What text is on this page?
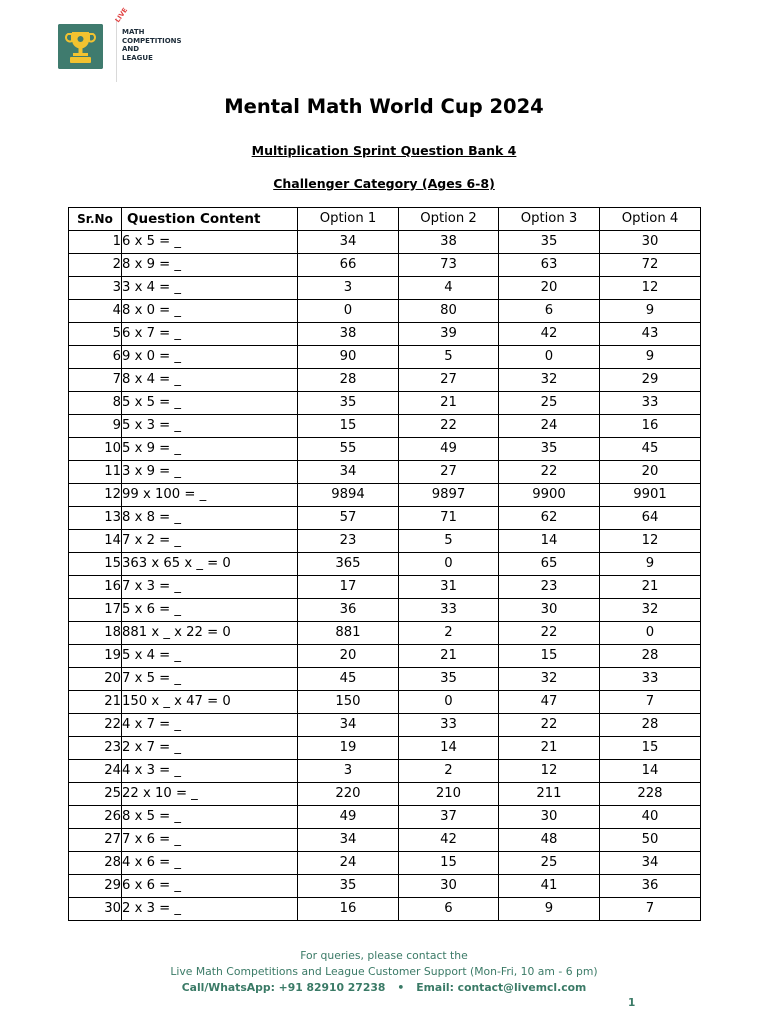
LIVE
MATH
COMPETITIONS
AND
LEAGUE
Mental Math World Cup 2024
Multiplication Sprint Question Bank 4
Challenger Category (Ages 6-8)
Sr.No	Question Content	Option 1	Option 2	Option 3	Option 4
1	6 x 5 = _	34	38	35	30
2	8 x 9 = _	66	73	63	72
3	3 x 4 = _	3	4	20	12
4	8 x 0 = _	0	80	6	9
5	6 x 7 = _	38	39	42	43
6	9 x 0 = _	90	5	0	9
7	8 x 4 = _	28	27	32	29
8	5 x 5 = _	35	21	25	33
9	5 x 3 = _	15	22	24	16
10	5 x 9 = _	55	49	35	45
11	3 x 9 = _	34	27	22	20
12	99 x 100 = _	9894	9897	9900	9901
13	8 x 8 = _	57	71	62	64
14	7 x 2 = _	23	5	14	12
15	363 x 65 x _ = 0	365	0	65	9
16	7 x 3 = _	17	31	23	21
17	5 x 6 = _	36	33	30	32
18	881 x _ x 22 = 0	881	2	22	0
19	5 x 4 = _	20	21	15	28
20	7 x 5 = _	45	35	32	33
21	150 x _ x 47 = 0	150	0	47	7
22	4 x 7 = _	34	33	22	28
23	2 x 7 = _	19	14	21	15
24	4 x 3 = _	3	2	12	14
25	22 x 10 = _	220	210	211	228
26	8 x 5 = _	49	37	30	40
27	7 x 6 = _	34	42	48	50
28	4 x 6 = _	24	15	25	34
29	6 x 6 = _	35	30	41	36
30	2 x 3 = _	16	6	9	7
For queries, please contact the
Live Math Competitions and League Customer Support (Mon-Fri, 10 am - 6 pm)
Call/WhatsApp: +91 82910 27238 • Email: contact@livemcl.com
1
